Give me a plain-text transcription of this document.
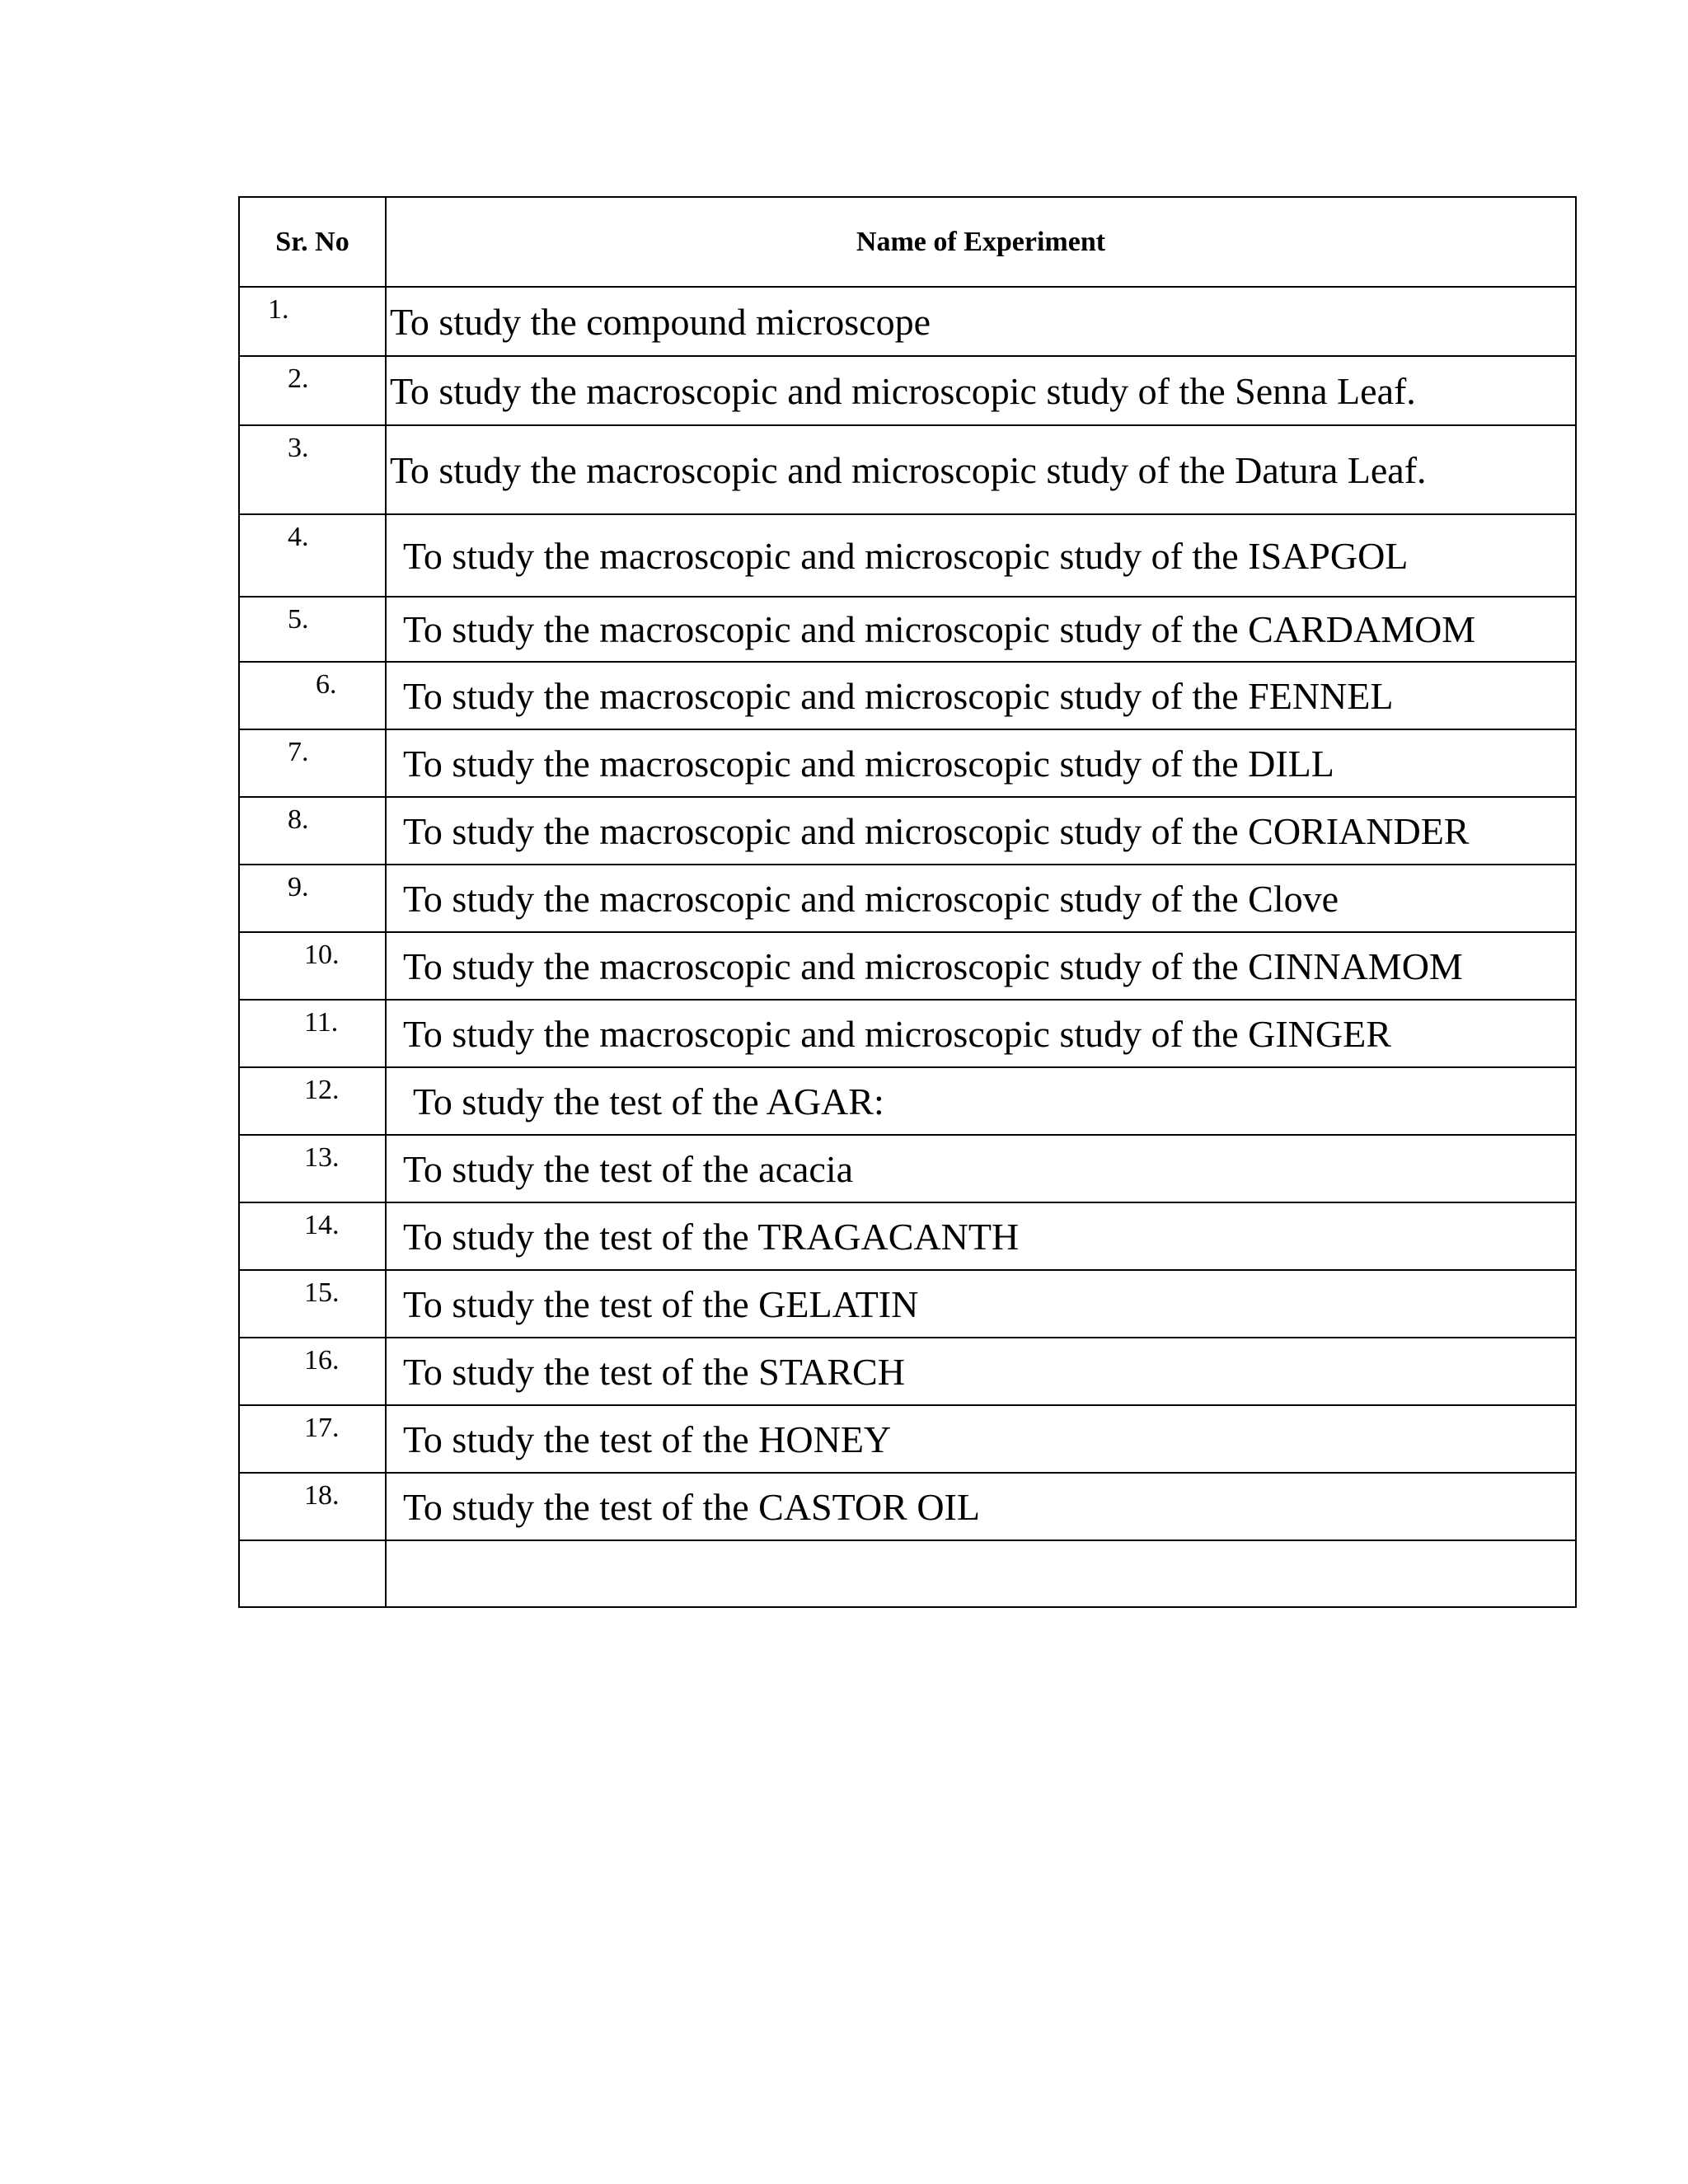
Sr. No	Name of Experiment

1.	To study the compound microscope

2.	To study the macroscopic and microscopic study of the Senna Leaf.

3.	To study the macroscopic and microscopic study of the Datura Leaf.

4.	To study the macroscopic and microscopic study of the ISAPGOL

5.	To study the macroscopic and microscopic study of the CARDAMOM

6.	To study the macroscopic and microscopic study of the FENNEL

7.	To study the macroscopic and microscopic study of the DILL

8.	To study the macroscopic and microscopic study of the CORIANDER

9.	To study the macroscopic and microscopic study of the Clove

10.	To study the macroscopic and microscopic study of the CINNAMOM

11.	To study the macroscopic and microscopic study of the GINGER

12.	To study the test of the AGAR:

13.	To study the test of the acacia

14.	To study the test of the TRAGACANTH

15.	To study the test of the GELATIN

16.	To study the test of the STARCH

17.	To study the test of the HONEY

18.	To study the test of the CASTOR OIL
